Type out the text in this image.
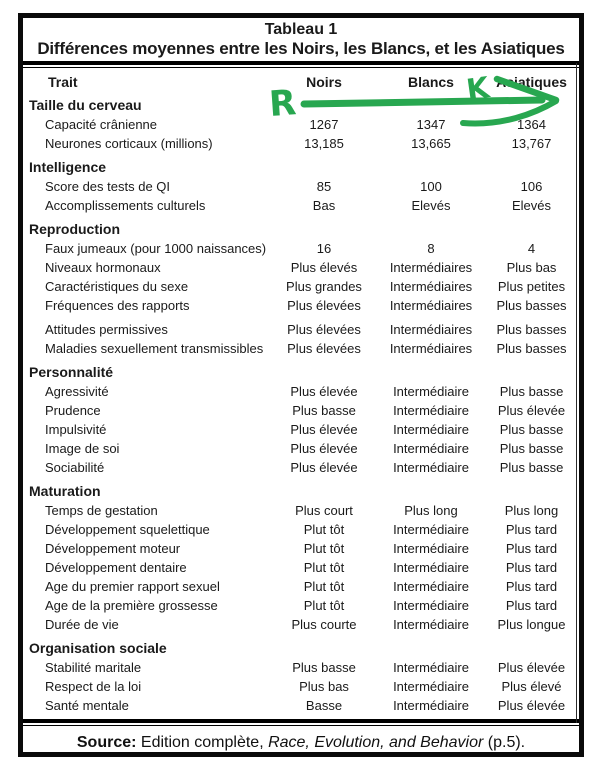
Tableau 1
Différences moyennes entre les Noirs, les Blancs, et les Asiatiques
Trait	Noirs	Blancs	Asiatiques
Taille du cerveau
Capacité crânienne	1267	1347	1364
Neurones corticaux (millions)	13,185	13,665	13,767
Intelligence
Score des tests de QI	85	100	106
Accomplissements culturels	Bas	Elevés	Elevés
Reproduction
Faux jumeaux (pour 1000 naissances)	16	8	4
Niveaux hormonaux	Plus élevés	Intermédiaires	Plus bas
Caractéristiques du sexe	Plus grandes	Intermédiaires	Plus petites
Fréquences des rapports	Plus élevées	Intermédiaires	Plus basses
Attitudes permissives	Plus élevées	Intermédiaires	Plus basses
Maladies sexuellement transmissibles	Plus élevées	Intermédiaires	Plus basses
Personnalité
Agressivité	Plus élevée	Intermédiaire	Plus basse
Prudence	Plus basse	Intermédiaire	Plus élevée
Impulsivité	Plus élevée	Intermédiaire	Plus basse
Image de soi	Plus élevée	Intermédiaire	Plus basse
Sociabilité	Plus élevée	Intermédiaire	Plus basse
Maturation
Temps de gestation	Plus court	Plus long	Plus long
Développement squelettique	Plut tôt	Intermédiaire	Plus tard
Développement moteur	Plut tôt	Intermédiaire	Plus tard
Développement dentaire	Plut tôt	Intermédiaire	Plus tard
Age du premier rapport sexuel	Plut tôt	Intermédiaire	Plus tard
Age de la première grossesse	Plut tôt	Intermédiaire	Plus tard
Durée de vie	Plus courte	Intermédiaire	Plus longue
Organisation sociale
Stabilité maritale	Plus basse	Intermédiaire	Plus élevée
Respect de la loi	Plus bas	Intermédiaire	Plus élevé
Santé mentale	Basse	Intermédiaire	Plus élevée
Source: Edition complète, Race, Evolution, and Behavior (p.5).
R	K
